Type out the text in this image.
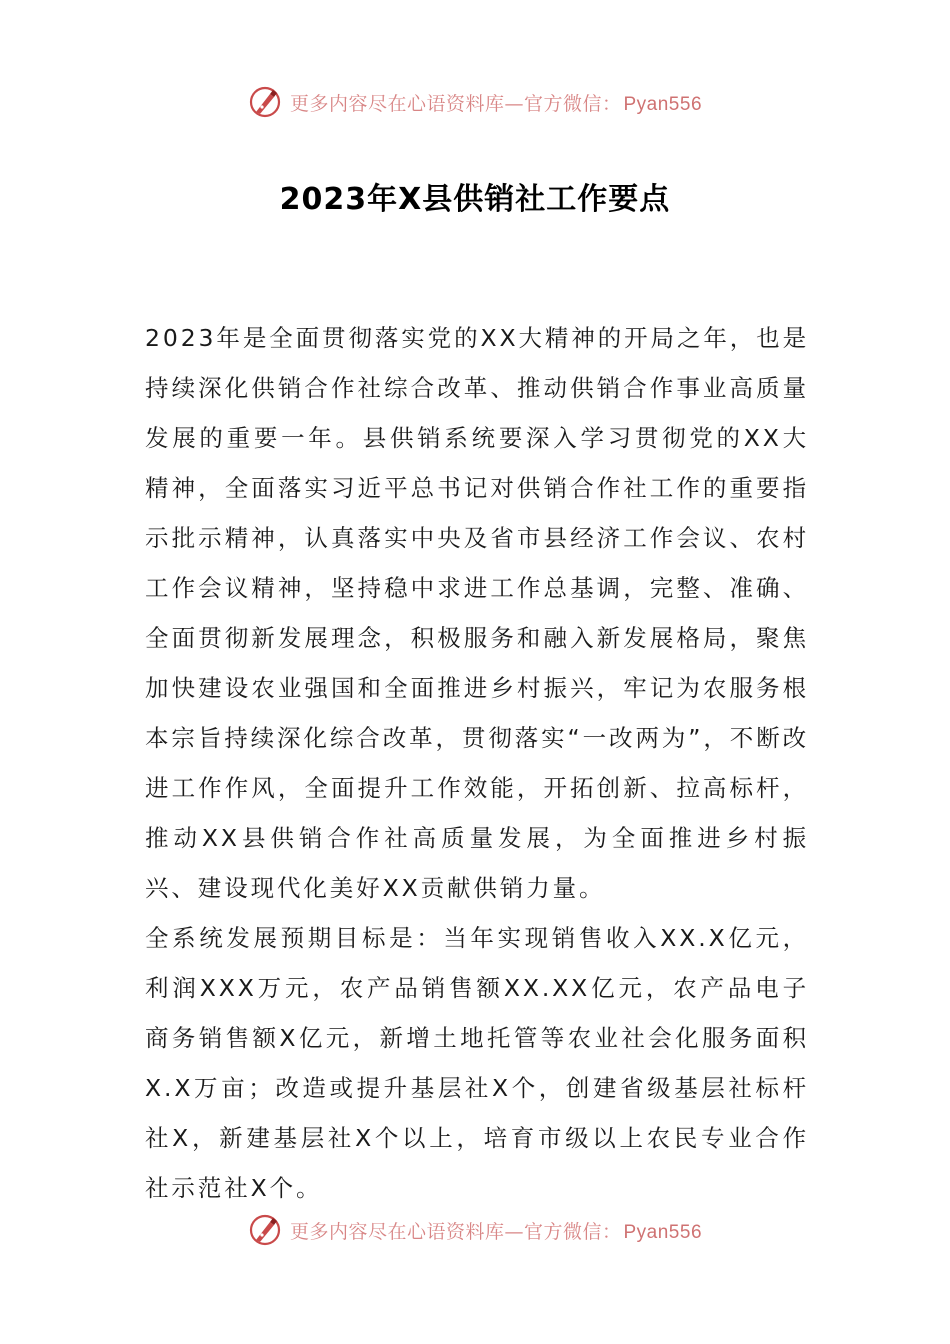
更多内容尽在心语资料库—官方微信： Pyan556
2023年X县供销社工作要点

2023年是全面贯彻落实党的XX大精神的开局之年，也是持续深化供销合作社综合改革、推动供销合作事业高质量发展的重要一年。县供销系统要深入学习贯彻党的XX大精神，全面落实习近平总书记对供销合作社工作的重要指示批示精神，认真落实中央及省市县经济工作会议、农村工作会议精神，坚持稳中求进工作总基调，完整、准确、全面贯彻新发展理念，积极服务和融入新发展格局，聚焦加快建设农业强国和全面推进乡村振兴，牢记为农服务根本宗旨持续深化综合改革，贯彻落实“一改两为”，不断改进工作作风，全面提升工作效能，开拓创新、拉高标杆，推动XX县供销合作社高质量发展，为全面推进乡村振兴、建设现代化美好XX贡献供销力量。

全系统发展预期目标是：当年实现销售收入XX.X亿元，利润XXX万元，农产品销售额XX.XX亿元，农产品电子商务销售额X亿元，新增土地托管等农业社会化服务面积X.X万亩；改造或提升基层社X个，创建省级基层社标杆社X，新建基层社X个以上，培育市级以上农民专业合作社示范社X个。

更多内容尽在心语资料库—官方微信： Pyan556
